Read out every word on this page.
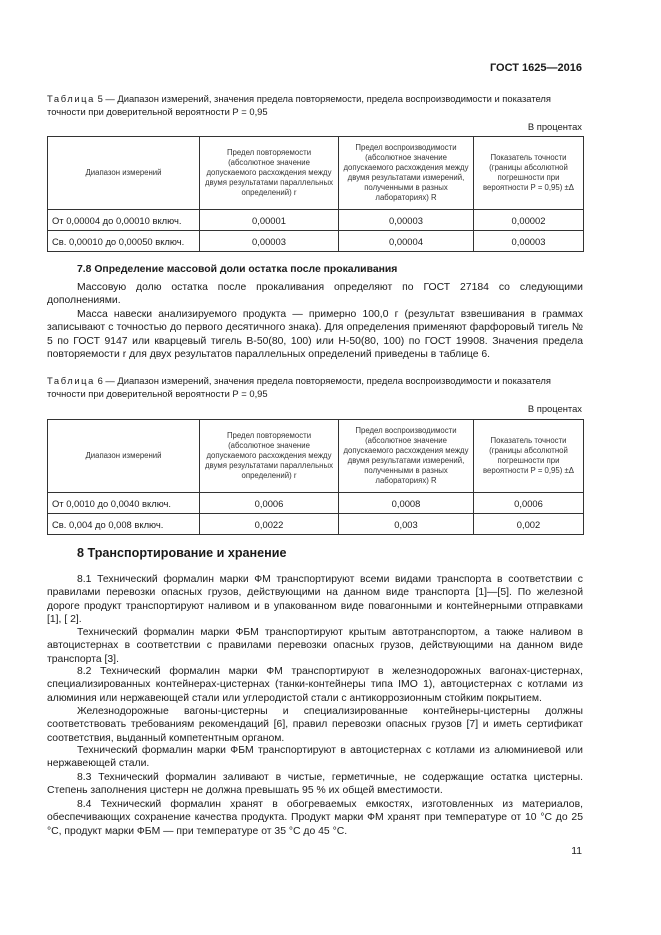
ГОСТ 1625—2016
Таблица 5 — Диапазон измерений, значения предела повторяемости, предела воспроизводимости и показателя точности при доверительной вероятности Р = 0,95
В процентах
Диапазон измерений	Предел повторяемости (абсолютное значение допускаемого расхождения между двумя результатами параллельных определений) r	Предел воспроизводимости (абсолютное значение допускаемого расхождения между двумя результатами измерений, полученными в разных лабораториях) R	Показатель точности (границы абсолютной погрешности при вероятности Р = 0,95) ±Δ
От 0,00004 до 0,00010 включ.	0,00001	0,00003	0,00002
Св. 0,00010 до 0,00050 включ.	0,00003	0,00004	0,00003
7.8 Определение массовой доли остатка после прокаливания

Массовую долю остатка после прокаливания определяют по ГОСТ 27184 со следующими дополнениями.

Масса навески анализируемого продукта — примерно 100,0 г (результат взвешивания в граммах записывают с точностью до первого десятичного знака). Для определения применяют фарфоровый тигель № 5 по ГОСТ 9147 или кварцевый тигель В-50(80, 100) или Н-50(80, 100) по ГОСТ 19908. Значения предела повторяемости r для двух результатов параллельных определений приведены в таблице 6.

Таблица 6 — Диапазон измерений, значения предела повторяемости, предела воспроизводимости и показателя точности при доверительной вероятности Р = 0,95
В процентах
Диапазон измерений	Предел повторяемости (абсолютное значение допускаемого расхождения между двумя результатами параллельных определений) r	Предел воспроизводимости (абсолютное значение допускаемого расхождения между двумя результатами измерений, полученными в разных лабораториях) R	Показатель точности (границы абсолютной погрешности при вероятности Р = 0,95) ±Δ
От 0,0010 до 0,0040 включ.	0,0006	0,0008	0,0006
Св. 0,004 до 0,008 включ.	0,0022	0,003	0,002
8 Транспортирование и хранение

8.1 Технический формалин марки ФМ транспортируют всеми видами транспорта в соответствии с правилами перевозки опасных грузов, действующими на данном виде транспорта [1]—[5]. По железной дороге продукт транспортируют наливом и в упакованном виде повагонными и контейнерными отправками [1], [ 2].

Технический формалин марки ФБМ транспортируют крытым автотранспортом, а также наливом в автоцистернах в соответствии с правилами перевозки опасных грузов, действующими на данном виде транспорта [3].

8.2 Технический формалин марки ФМ транспортируют в железнодорожных вагонах-цистернах, специализированных контейнерах-цистернах (танки-контейнеры типа IMO 1), автоцистернах с котлами из алюминия или нержавеющей стали или углеродистой стали с антикоррозионным стойким покрытием.

Железнодорожные вагоны-цистерны и специализированные контейнеры-цистерны должны соответствовать требованиям рекомендаций [6], правил перевозки опасных грузов [7] и иметь сертификат соответствия, выданный компетентным органом.

Технический формалин марки ФБМ транспортируют в автоцистернах с котлами из алюминиевой или нержавеющей стали.

8.3 Технический формалин заливают в чистые, герметичные, не содержащие остатка цистерны. Степень заполнения цистерн не должна превышать 95 % их общей вместимости.

8.4 Технический формалин хранят в обогреваемых емкостях, изготовленных из материалов, обеспечивающих сохранение качества продукта. Продукт марки ФМ хранят при температуре от 10 °С до 25 °С, продукт марки ФБМ — при температуре от 35 °С до 45 °С.

11
